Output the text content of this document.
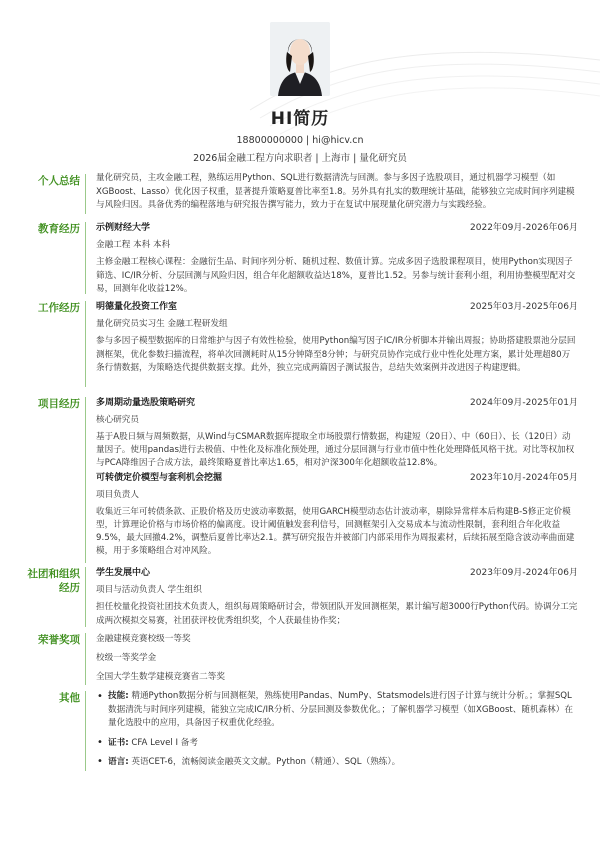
HI简历
18800000000 | hi@hicv.cn
2026届金融工程方向求职者 | 上海市 | 量化研究员
个人总结 量化研究员，主攻金融工程，熟练运用Python、SQL进行数据清洗与回测。参与多因子选股项目，通过机器学习模型（如XGBoost、Lasso）优化因子权重，显著提升策略夏普比率至1.8。另外具有扎实的数理统计基础，能够独立完成时间序列建模与风险归因。具备优秀的编程落地与研究报告撰写能力，致力于在复试中展现量化研究潜力与实践经验。
教育经历 示例财经大学	2022年09月-2026年06月
金融工程 本科 本科
主修金融工程核心课程：金融衍生品、时间序列分析、随机过程、数值计算。完成多因子选股课程项目，使用Python实现因子筛选、IC/IR分析、分层回测与风险归因，组合年化超额收益达18%，夏普比1.52。另参与统计套利小组，利用协整模型配对交易，回测年化收益12%。
工作经历 明德量化投资工作室	2025年03月-2025年06月
量化研究员实习生 金融工程研发组
参与多因子模型数据库的日常维护与因子有效性检验，使用Python编写因子IC/IR分析脚本并输出周报；协助搭建股票池分层回测框架，优化参数扫描流程，将单次回测耗时从15分钟降至8分钟；与研究员协作完成行业中性化处理方案，累计处理超80万条行情数据，为策略迭代提供数据支撑。此外，独立完成两篇因子测试报告，总结失效案例并改进因子构建逻辑。
项目经历 多周期动量选股策略研究	2024年09月-2025年01月
核心研究员
基于A股日频与周频数据，从Wind与CSMAR数据库提取全市场股票行情数据，构建短（20日）、中（60日）、长（120日）动量因子。使用pandas进行去极值、中性化及标准化预处理，通过分层回测与行业市值中性化处理降低风格干扰。对比等权加权与PCA降维因子合成方法，最终策略夏普比率达1.65，相对沪深300年化超额收益12.8%。
可转债定价模型与套利机会挖掘	2023年10月-2024年05月
项目负责人
收集近三年可转债条款、正股价格及历史波动率数据，使用GARCH模型动态估计波动率，剔除异常样本后构建B-S修正定价模型，计算理论价格与市场价格的偏离度。设计阈值触发套利信号，回测框架引入交易成本与流动性限制，套利组合年化收益9.5%，最大回撤4.2%，调整后夏普比率达2.1。撰写研究报告并被部门内部采用作为周报素材，后续拓展至隐含波动率曲面建模，用于多策略组合对冲风险。
社团和组织经历
学生发展中心	2023年09月-2024年06月
项目与活动负责人 学生组织
担任校量化投资社团技术负责人，组织每周策略研讨会，带领团队开发回测框架，累计编写超3000行Python代码。协调分工完成两次模拟交易赛，社团获评校优秀组织奖，个人获最佳协作奖；
荣誉奖项 金融建模竞赛校级一等奖
校级一等奖学金
全国大学生数学建模竞赛省二等奖
其他
•	技能: 精通Python数据分析与回测框架，熟练使用Pandas、NumPy、Statsmodels进行因子计算与统计分析。；掌握SQL数据清洗与时间序列建模，能独立完成IC/IR分析、分层回测及参数优化。；了解机器学习模型（如XGBoost、随机森林）在量化选股中的应用，具备因子权重优化经验。
• 证书: CFA Level I 备考
• 语言: 英语CET-6，流畅阅读金融英文文献。Python（精通）、SQL（熟练）。
